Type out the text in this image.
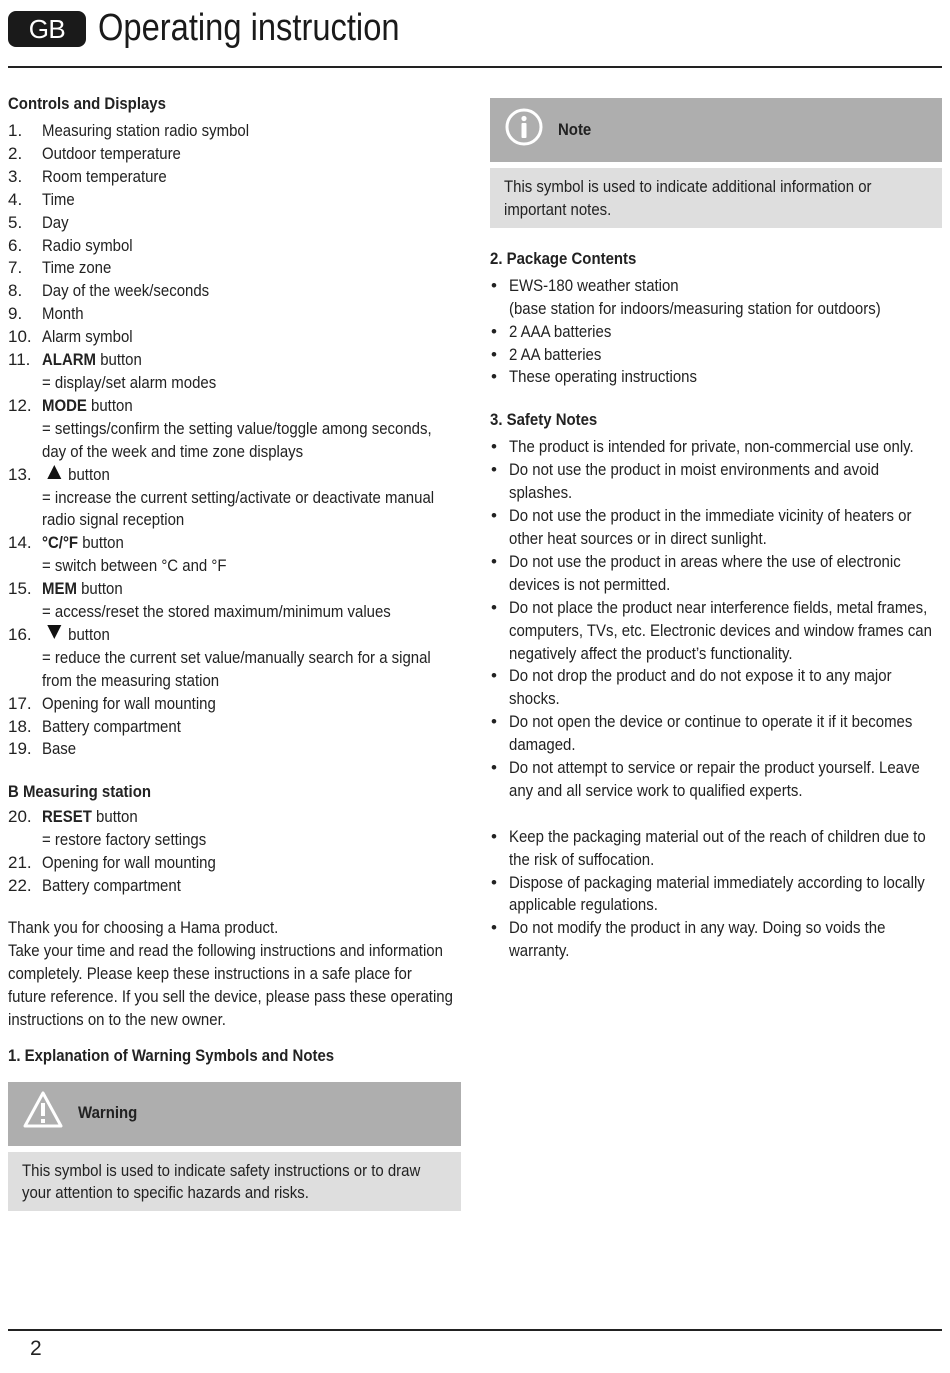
GB Operating instruction
Controls and Displays
1.	Measuring station radio symbol
2.	Outdoor temperature
3.	Room temperature
4.	Time
5.	Day
6.	Radio symbol
7.	Time zone
8.	Day of the week/seconds
9.	Month
10. Alarm symbol
11. ALARM button
= display/set alarm modes
12. MODE button
= settings/confirm the setting value/toggle among seconds,
day of the week and time zone displays
13.	button
= increase the current setting/activate or deactivate manual
radio signal reception
14. °C/°F button
= switch between °C and °F
15. MEM button
= access/reset the stored maximum/minimum values
16.	button
= reduce the current set value/manually search for a signal
from the measuring station
17. Opening for wall mounting
18. Battery compartment
19. Base
B Measuring station
20. RESET button
= restore factory settings
21. Opening for wall mounting
22. Battery compartment
Thank you for choosing a Hama product.
Take your time and read the following instructions and information
completely. Please keep these instructions in a safe place for
future reference. If you sell the device, please pass these operating
instructions on to the new owner.
1. Explanation of Warning Symbols and Notes
Warning
This symbol is used to indicate safety instructions or to draw
your attention to specific hazards and risks.
Note
This symbol is used to indicate additional information or
important notes.
2. Package Contents
• EWS-180 weather station
(base station for indoors/measuring station for outdoors)
• 2 AAA batteries
• 2 AA batteries
• These operating instructions
3. Safety Notes
• The product is intended for private, non-commercial use only.
• Do not use the product in moist environments and avoid
splashes.
• Do not use the product in the immediate vicinity of heaters or
other heat sources or in direct sunlight.
• Do not use the product in areas where the use of electronic
devices is not permitted.
• Do not place the product near interference fields, metal frames,
computers, TVs, etc. Electronic devices and window frames can
negatively affect the product’s functionality.
• Do not drop the product and do not expose it to any major
shocks.
• Do not open the device or continue to operate it if it becomes
damaged.
• Do not attempt to service or repair the product yourself. Leave
any and all service work to qualified experts.
• Keep the packaging material out of the reach of children due to
the risk of suffocation.
• Dispose of packaging material immediately according to locally
applicable regulations.
• Do not modify the product in any way. Doing so voids the
warranty.
2
